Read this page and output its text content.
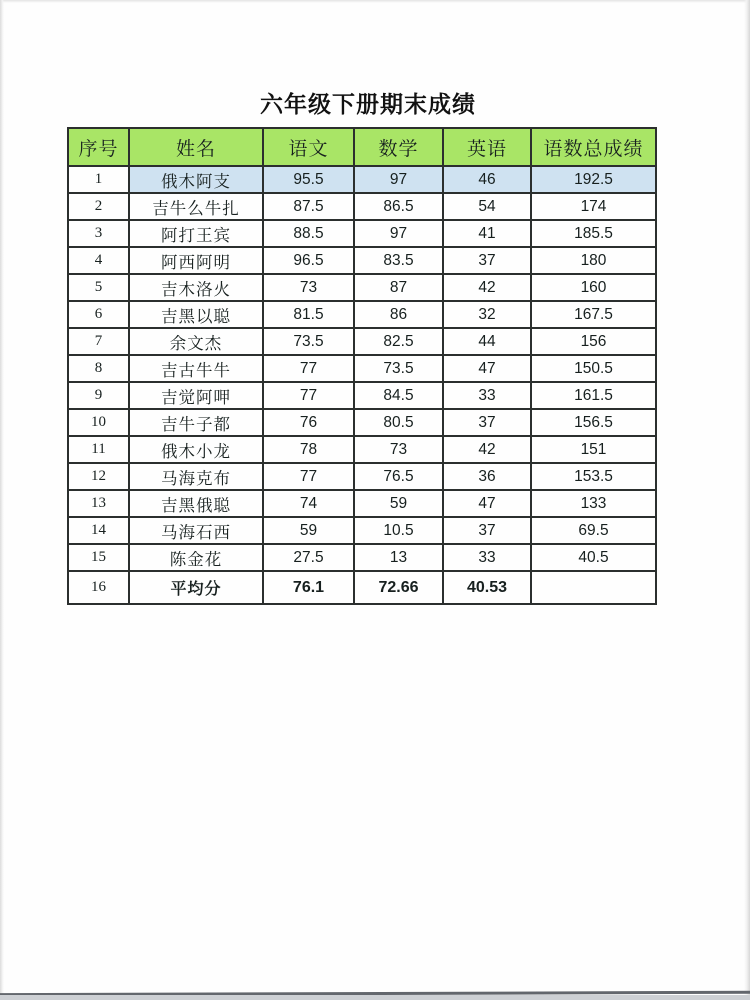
六年级下册期末成绩
序号	姓名	语文	数学	英语	语数总成绩
1	俄木阿支	95.5	97	46	192.5
2	吉牛么牛扎	87.5	86.5	54	174
3	阿打王宾	88.5	97	41	185.5
4	阿西阿明	96.5	83.5	37	180
5	吉木洛火	73	87	42	160
6	吉黑以聪	81.5	86	32	167.5
7	余文杰	73.5	82.5	44	156
8	吉古牛牛	77	73.5	47	150.5
9	吉觉阿呷	77	84.5	33	161.5
10	吉牛子都	76	80.5	37	156.5
11	俄木小龙	78	73	42	151
12	马海克布	77	76.5	36	153.5
13	吉黑俄聪	74	59	47	133
14	马海石西	59	10.5	37	69.5
15	陈金花	27.5	13	33	40.5
16	平均分	76.1	72.66	40.53	
